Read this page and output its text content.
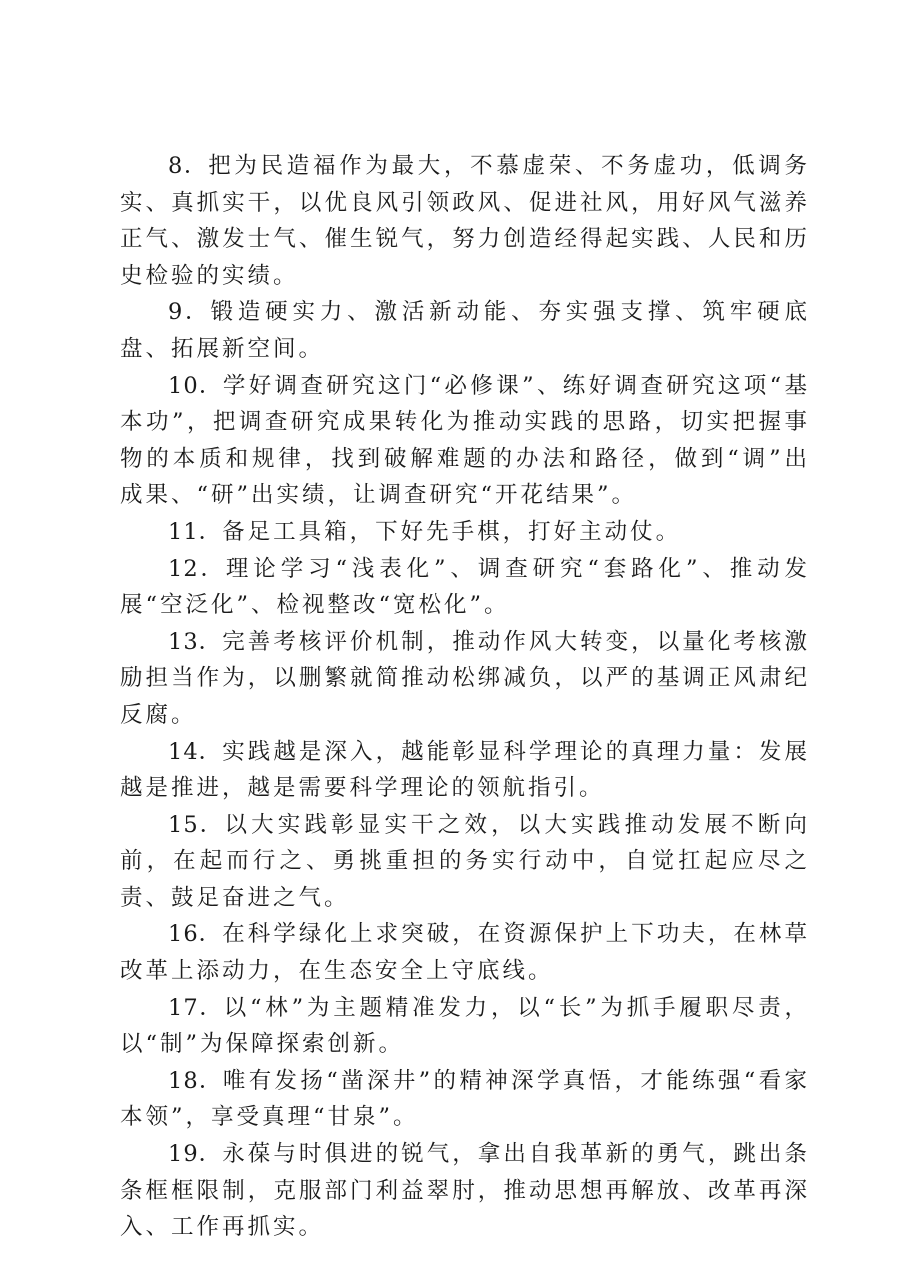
8．把为民造福作为最大，不慕虚荣、不务虚功，低调务实、真抓实干，以优良风引领政风、促进社风，用好风气滋养正气、激发士气、催生锐气，努力创造经得起实践、人民和历史检验的实绩。

9．锻造硬实力、激活新动能、夯实强支撑、筑牢硬底盘、拓展新空间。

10．学好调查研究这门“必修课”、练好调查研究这项“基本功”，把调查研究成果转化为推动实践的思路，切实把握事物的本质和规律，找到破解难题的办法和路径，做到“调”出成果、“研”出实绩，让调查研究“开花结果”。

11．备足工具箱，下好先手棋，打好主动仗。

12．理论学习“浅表化”、调查研究“套路化”、推动发展“空泛化”、检视整改“宽松化”。

13．完善考核评价机制，推动作风大转变，以量化考核激励担当作为，以删繁就简推动松绑减负，以严的基调正风肃纪反腐。

14．实践越是深入，越能彰显科学理论的真理力量：发展越是推进，越是需要科学理论的领航指引。

15．以大实践彰显实干之效，以大实践推动发展不断向前，在起而行之、勇挑重担的务实行动中，自觉扛起应尽之责、鼓足奋进之气。

16．在科学绿化上求突破，在资源保护上下功夫，在林草改革上添动力，在生态安全上守底线。

17．以“林”为主题精准发力，以“长”为抓手履职尽责，以“制”为保障探索创新。

18．唯有发扬“凿深井”的精神深学真悟，才能练强“看家本领”，享受真理“甘泉”。

19．永葆与时俱进的锐气，拿出自我革新的勇气，跳出条条框框限制，克服部门利益翠肘，推动思想再解放、改革再深入、工作再抓实。
